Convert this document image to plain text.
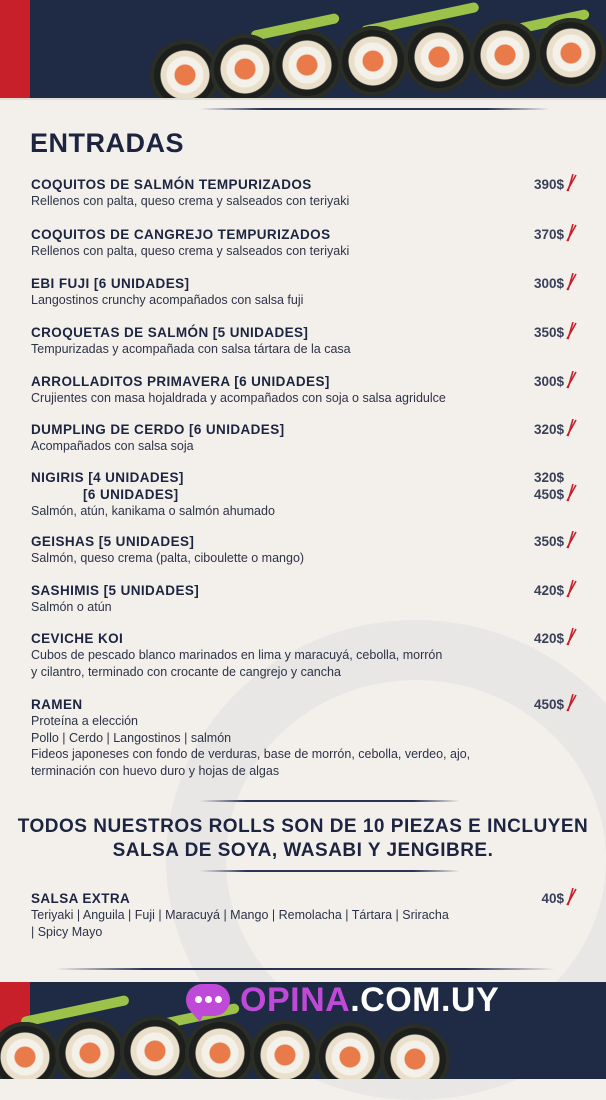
ENTRADAS
COQUITOS DE SALMÓN TEMPURIZADOS
Rellenos con palta, queso crema y salseados con teriyaki
390$
COQUITOS DE CANGREJO TEMPURIZADOS
Rellenos con palta, queso crema y salseados con teriyaki
370$
EBI FUJI [6 UNIDADES]
Langostinos crunchy acompañados con salsa fuji
300$
CROQUETAS DE SALMÓN [5 UNIDADES]
Tempurizadas y acompañada con salsa tártara de la casa
350$
ARROLLADITOS PRIMAVERA [6 UNIDADES]
Crujientes con masa hojaldrada y acompañados con soja o salsa agridulce
300$
DUMPLING DE CERDO [6 UNIDADES]
Acompañados con salsa soja
320$
NIGIRIS [4 UNIDADES]
[6 UNIDADES]
Salmón, atún, kanikama o salmón ahumado
320$
450$
GEISHAS [5 UNIDADES]
Salmón, queso crema (palta, ciboulette o mango)
350$
SASHIMIS [5 UNIDADES]
Salmón o atún
420$
CEVICHE KOI
Cubos de pescado blanco marinados en lima y maracuyá, cebolla, morrón
y cilantro, terminado con crocante de cangrejo y cancha
420$
RAMEN
Proteína a elección
Pollo | Cerdo | Langostinos | salmón
Fideos japoneses con fondo de verduras, base de morrón, cebolla, verdeo, ajo,
terminación con huevo duro y hojas de algas
450$
TODOS NUESTROS ROLLS SON DE 10 PIEZAS E INCLUYEN
SALSA DE SOYA, WASABI Y JENGIBRE.
SALSA EXTRA
Teriyaki | Anguila | Fuji | Maracuyá | Mango | Remolacha | Tártara | Sriracha
| Spicy Mayo
40$
OPINA.COM.UY
